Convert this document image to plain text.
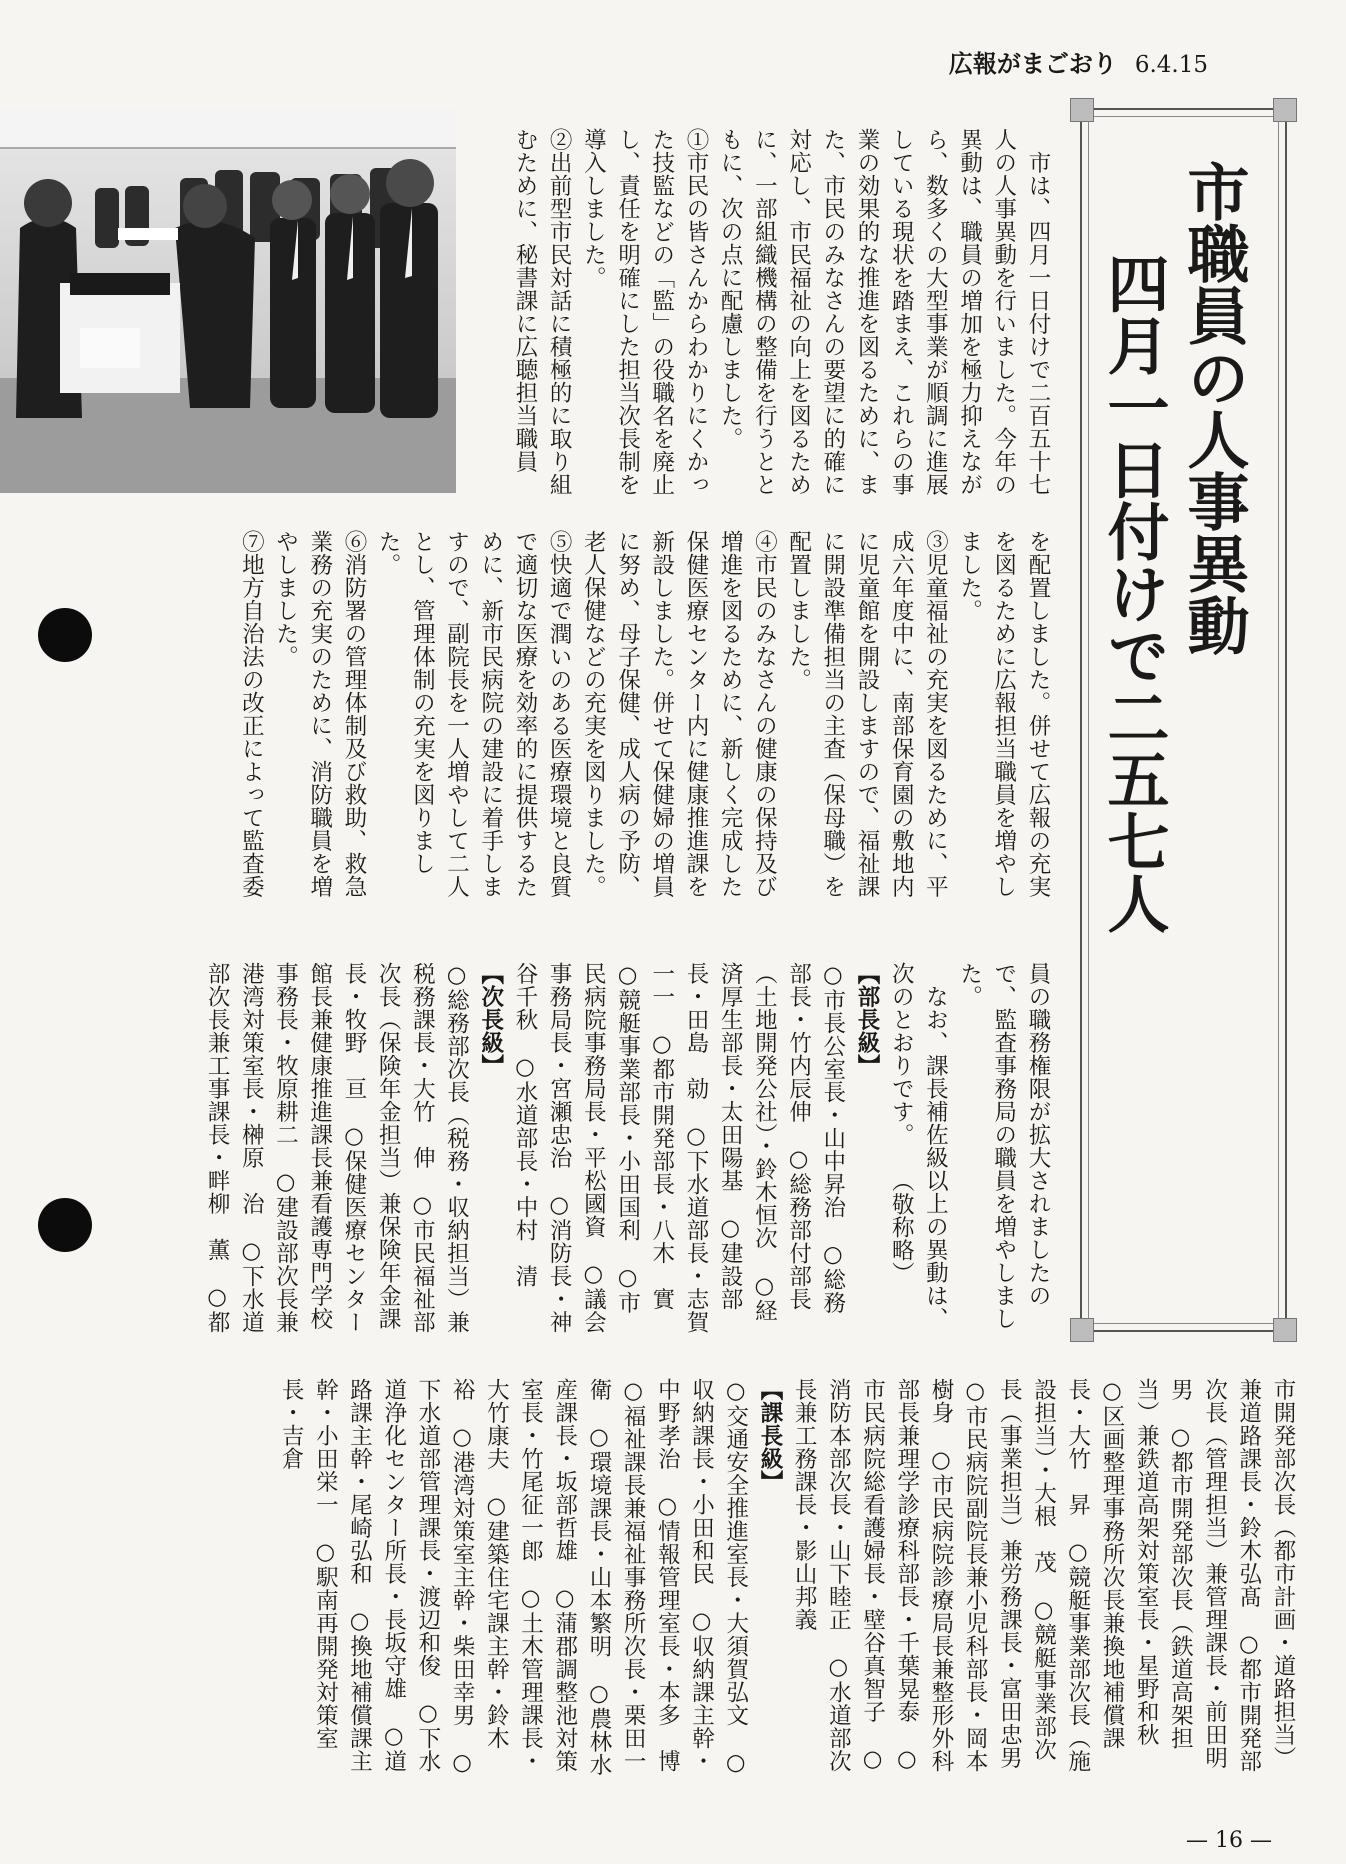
広報がまごおり 6.4.15
市職員の人事異動
四月一日付けで二五七人

市は、四月一日付けで二百五十七人の人事異動を行いました。今年の異動は、職員の増加を極力抑えながら、数多くの大型事業が順調に進展している現状を踏まえ、これらの事業の効果的な推進を図るために、また、市民のみなさんの要望に的確に対応し、市民福祉の向上を図るために、一部組織機構の整備を行うとともに、次の点に配慮しました。

①市民の皆さんからわかりにくかった技監などの「監」の役職名を廃止し、責任を明確にした担当次長制を導入しました。

②出前型市民対話に積極的に取り組むために、秘書課に広聴担当職員

を配置しました。併せて広報の充実を図るために広報担当職員を増やしました。

③児童福祉の充実を図るために、平成六年度中に、南部保育園の敷地内に児童館を開設しますので、福祉課に開設準備担当の主査（保母職）を配置しました。

④市民のみなさんの健康の保持及び増進を図るために、新しく完成した保健医療センター内に健康推進課を新設しました。併せて保健婦の増員に努め、母子保健、成人病の予防、老人保健などの充実を図りました。

⑤快適で潤いのある医療環境と良質で適切な医療を効率的に提供するために、新市民病院の建設に着手しますので、副院長を一人増やして二人とし、管理体制の充実を図りました。

⑥消防署の管理体制及び救助、救急業務の充実のために、消防職員を増やしました。

⑦地方自治法の改正によって監査委

員の職務権限が拡大されましたので、監査事務局の職員を増やしました。

なお、課長補佐級以上の異動は、次のとおりです。　　（敬称略）

【部長級】

○市長公室長・山中昇治　○総務部長・竹内辰伸　○総務部付部長（土地開発公社）・鈴木恒次　○経済厚生部長・太田陽基　○建設部長・田島　勍　○下水道部長・志賀一一　○都市開発部長・八木　實　○競艇事業部長・小田国利　○市民病院事務局長・平松國資　○議会事務局長・宮瀬忠治　○消防長・神谷千秋　○水道部長・中村　清

【次長級】

○総務部次長（税務・収納担当）兼税務課長・大竹　伸　○市民福祉部次長（保険年金担当）兼保険年金課長・牧野　亘　○保健医療センター館長兼健康推進課長兼看護専門学校事務長・牧原耕二　○建設部次長兼港湾対策室長・榊原　治　○下水道部次長兼工事課長・畔柳　薫　○都

市開発部次長（都市計画・道路担当）兼道路課長・鈴木弘髙　○都市開発部次長（管理担当）兼管理課長・前田明男　○都市開発部次長（鉄道高架担当）兼鉄道高架対策室長・星野和秋　○区画整理事務所次長兼換地補償課長・大竹　昇　○競艇事業部次長（施設担当）・大根　茂　○競艇事業部次長（事業担当）兼労務課長・富田忠男　○市民病院副院長兼小児科部長・岡本樹身　○市民病院診療局長兼整形外科部長兼理学診療科部長・千葉晃泰　○市民病院総看護婦長・壁谷真智子　○消防本部次長・山下睦正　○水道部次長兼工務課長・影山邦義

【課長級】

○交通安全推進室長・大須賀弘文　○収納課長・小田和民　○収納課主幹・中野孝治　○情報管理室長・本多　博　○福祉課長兼福祉事務所次長・栗田一衛　○環境課長・山本繁明　○農林水産課長・坂部哲雄　○蒲郡調整池対策室長・竹尾征一郎　○土木管理課長・大竹康夫　○建築住宅課主幹・鈴木　裕　○港湾対策室主幹・柴田幸男　○下水道部管理課長・渡辺和俊　○下水道浄化センター所長・長坂守雄　○道路課主幹・尾崎弘和　○換地補償課主幹・小田栄一　○駅南再開発対策室長・吉倉

— 16 —
